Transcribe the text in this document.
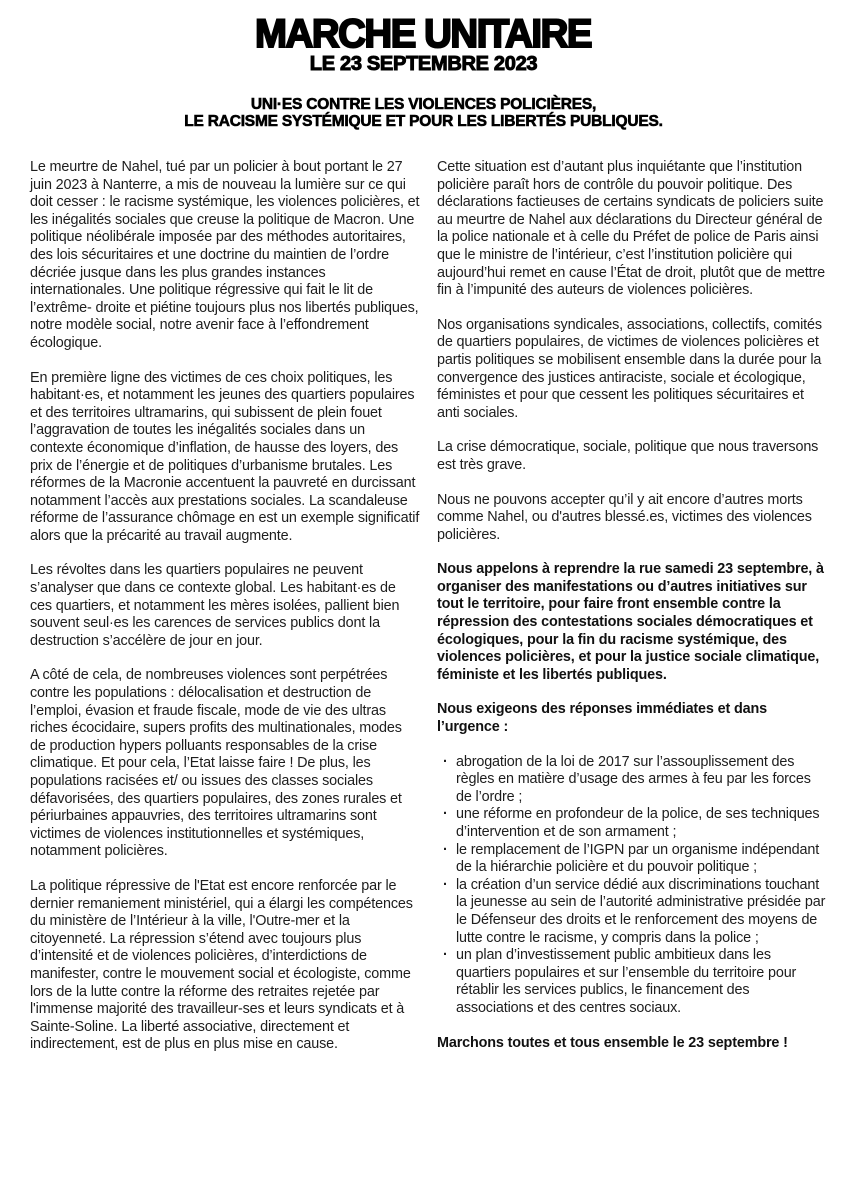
MARCHE UNITAIRE
LE 23 SEPTEMBRE 2023
UNI·ES CONTRE LES VIOLENCES POLICIÈRES,
LE RACISME SYSTÉMIQUE ET POUR LES LIBERTÉS PUBLIQUES.

Le meurtre de Nahel, tué par un policier à bout portant le 27 juin 2023 à Nanterre, a mis de nouveau la lumière sur ce qui doit cesser : le racisme systémique, les violences policières, et les inégalités sociales que creuse la politique de Macron. Une politique néolibérale imposée par des méthodes autoritaires, des lois sécuritaires et une doctrine du maintien de l’ordre décriée jusque dans les plus grandes instances internationales. Une politique régressive qui fait le lit de l’extrême- droite et piétine toujours plus nos libertés publiques, notre modèle social, notre avenir face à l’effondrement écologique.

En première ligne des victimes de ces choix politiques, les habitant·es, et notamment les jeunes des quartiers populaires et des territoires ultramarins, qui subissent de plein fouet l’aggravation de toutes les inégalités sociales dans un contexte économique d’inflation, de hausse des loyers, des prix de l’énergie et de politiques d’urbanisme brutales. Les réformes de la Macronie accentuent la pauvreté en durcissant notamment l’accès aux prestations sociales. La scandaleuse réforme de l’assurance chômage en est un exemple significatif alors que la précarité au travail augmente.

Les révoltes dans les quartiers populaires ne peuvent s’analyser que dans ce contexte global. Les habitant·es de ces quartiers, et notamment les mères isolées, pallient bien souvent seul·es les carences de services publics dont la destruction s’accélère de jour en jour.

A côté de cela, de nombreuses violences sont perpétrées contre les populations : délocalisation et destruction de l’emploi, évasion et fraude fiscale, mode de vie des ultras riches écocidaire, supers profits des multinationales, modes de production hypers polluants responsables de la crise climatique. Et pour cela, l’Etat laisse faire ! De plus, les populations racisées et/ ou issues des classes sociales défavorisées, des quartiers populaires, des zones rurales et périurbaines appauvries, des territoires ultramarins sont victimes de violences institutionnelles et systémiques, notamment policières.

La politique répressive de l'Etat est encore renforcée par le dernier remaniement ministériel, qui a élargi les compétences du ministère de l’Intérieur à la ville, l'Outre-mer et la citoyenneté. La répression s’étend avec toujours plus d’intensité et de violences policières, d’interdictions de manifester, contre le mouvement social et écologiste, comme lors de la lutte contre la réforme des retraites rejetée par l'immense majorité des travailleur-ses et leurs syndicats et à Sainte-Soline. La liberté associative, directement et indirectement, est de plus en plus mise en cause.

Cette situation est d’autant plus inquiétante que l’institution policière paraît hors de contrôle du pouvoir politique. Des déclarations factieuses de certains syndicats de policiers suite au meurtre de Nahel aux déclarations du Directeur général de la police nationale et à celle du Préfet de police de Paris ainsi que le ministre de l’intérieur, c’est l’institution policière qui aujourd’hui remet en cause l’État de droit, plutôt que de mettre fin à l’impunité des auteurs de violences policières.

Nos organisations syndicales, associations, collectifs, comités de quartiers populaires, de victimes de violences policières et partis politiques se mobilisent ensemble dans la durée pour la convergence des justices antiraciste, sociale et écologique, féministes et pour que cessent les politiques sécuritaires et anti sociales.

La crise démocratique, sociale, politique que nous traversons est très grave.

Nous ne pouvons accepter qu’il y ait encore d’autres morts comme Nahel, ou d'autres blessé.es, victimes des violences policières.

Nous appelons à reprendre la rue samedi 23 septembre, à organiser des manifestations ou d’autres initiatives sur tout le territoire, pour faire front ensemble contre la répression des contestations sociales démocratiques et écologiques, pour la fin du racisme systémique, des violences policières, et pour la justice sociale climatique, féministe et les libertés publiques.

Nous exigeons des réponses immédiates et dans l’urgence :

· abrogation de la loi de 2017 sur l’assouplissement des règles en matière d’usage des armes à feu par les forces de l’ordre ;
· une réforme en profondeur de la police, de ses techniques d’intervention et de son armament ;
· le remplacement de l’IGPN par un organisme indépendant de la hiérarchie policière et du pouvoir politique ;
· la création d’un service dédié aux discriminations touchant la jeunesse au sein de l’autorité administrative présidée par le Défenseur des droits et le renforcement des moyens de lutte contre le racisme, y compris dans la police ;
· un plan d’investissement public ambitieux dans les quartiers populaires et sur l’ensemble du territoire pour rétablir les services publics, le financement des associations et des centres sociaux.

Marchons toutes et tous ensemble le 23 septembre !
